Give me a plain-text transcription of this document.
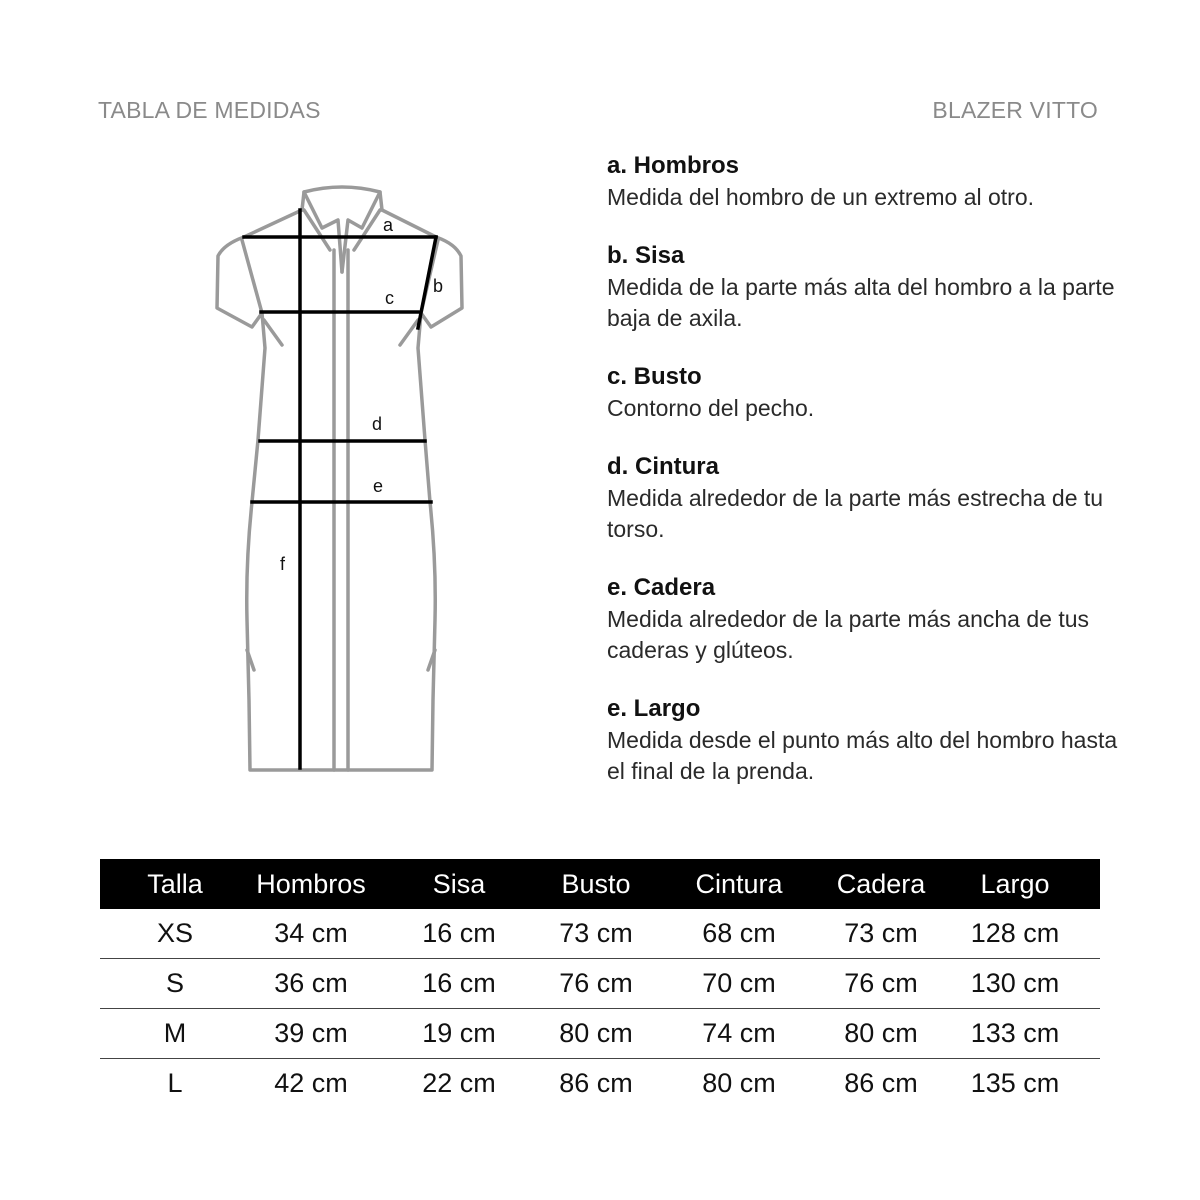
TABLA DE MEDIDAS	BLAZER VITTO
a
b
c
d
e
f
a. Hombros
Medida del hombro de un extremo al otro.
b. Sisa
Medida de la parte más alta del hombro a la parte baja de axila.
c. Busto
Contorno del pecho.
d. Cintura
Medida alrededor de la parte más estrecha de tu torso.
e. Cadera
Medida alrededor de la parte más ancha de tus caderas y glúteos.
e. Largo
Medida desde el punto más alto del hombro hasta el final de la prenda.
Talla	Hombros	Sisa	Busto	Cintura	Cadera	Largo
XS	34 cm	16 cm	73 cm	68 cm	73 cm	128 cm
S	36 cm	16 cm	76 cm	70 cm	76 cm	130 cm
M	39 cm	19 cm	80 cm	74 cm	80 cm	133 cm
L	42 cm	22 cm	86 cm	80 cm	86 cm	135 cm
